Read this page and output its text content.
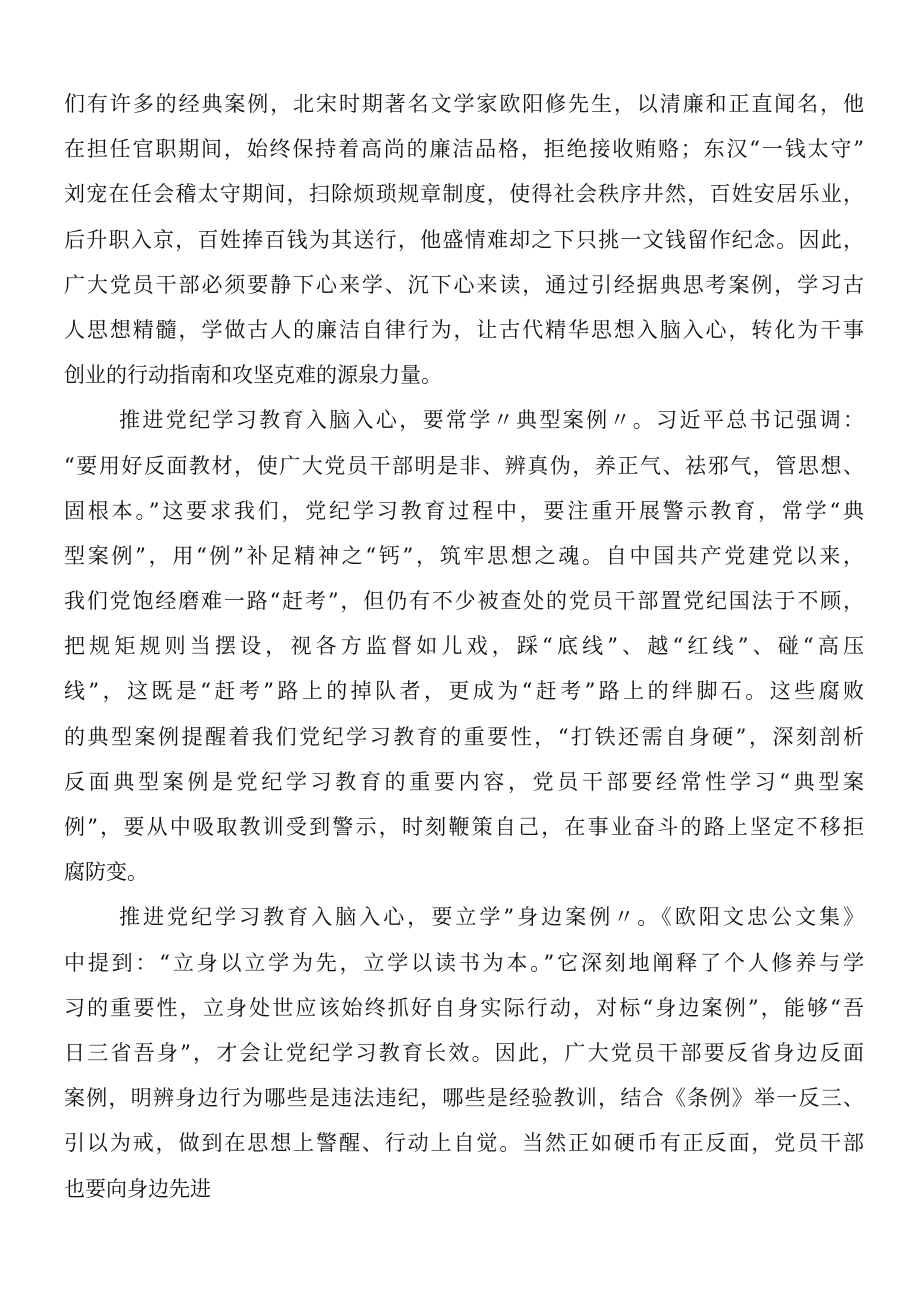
们有许多的经典案例，北宋时期著名文学家欧阳修先生，以清廉和正直闻名，他
在担任官职期间，始终保持着高尚的廉洁品格，拒绝接收贿赂；东汉“一钱太守”
刘宠在任会稽太守期间，扫除烦琐规章制度，使得社会秩序井然，百姓安居乐业，
后升职入京，百姓捧百钱为其送行，他盛情难却之下只挑一文钱留作纪念。因此，
广大党员干部必须要静下心来学、沉下心来读，通过引经据典思考案例，学习古
人思想精髓，学做古人的廉洁自律行为，让古代精华思想入脑入心，转化为干事
创业的行动指南和攻坚克难的源泉力量。
推进党纪学习教育入脑入心，要常学〃典型案例〃。习近平总书记强调：
“要用好反面教材，使广大党员干部明是非、辨真伪，养正气、祛邪气，管思想、
固根本。”这要求我们，党纪学习教育过程中，要注重开展警示教育，常学“典
型案例”，用“例”补足精神之“钙”，筑牢思想之魂。自中国共产党建党以来，
我们党饱经磨难一路“赶考”，但仍有不少被查处的党员干部置党纪国法于不顾，
把规矩规则当摆设，视各方监督如儿戏，踩“底线”、越“红线”、碰“高压
线”，这既是“赶考”路上的掉队者，更成为“赶考”路上的绊脚石。这些腐败
的典型案例提醒着我们党纪学习教育的重要性，“打铁还需自身硬”，深刻剖析
反面典型案例是党纪学习教育的重要内容，党员干部要经常性学习“典型案
例”，要从中吸取教训受到警示，时刻鞭策自己，在事业奋斗的路上坚定不移拒
腐防变。
推进党纪学习教育入脑入心，要立学”身边案例〃。《欧阳文忠公文集》
中提到：“立身以立学为先，立学以读书为本。”它深刻地阐释了个人修养与学
习的重要性，立身处世应该始终抓好自身实际行动，对标“身边案例”，能够“吾
日三省吾身”，才会让党纪学习教育长效。因此，广大党员干部要反省身边反面
案例，明辨身边行为哪些是违法违纪，哪些是经验教训，结合《条例》举一反三、
引以为戒，做到在思想上警醒、行动上自觉。当然正如硬币有正反面，党员干部
也要向身边先进
